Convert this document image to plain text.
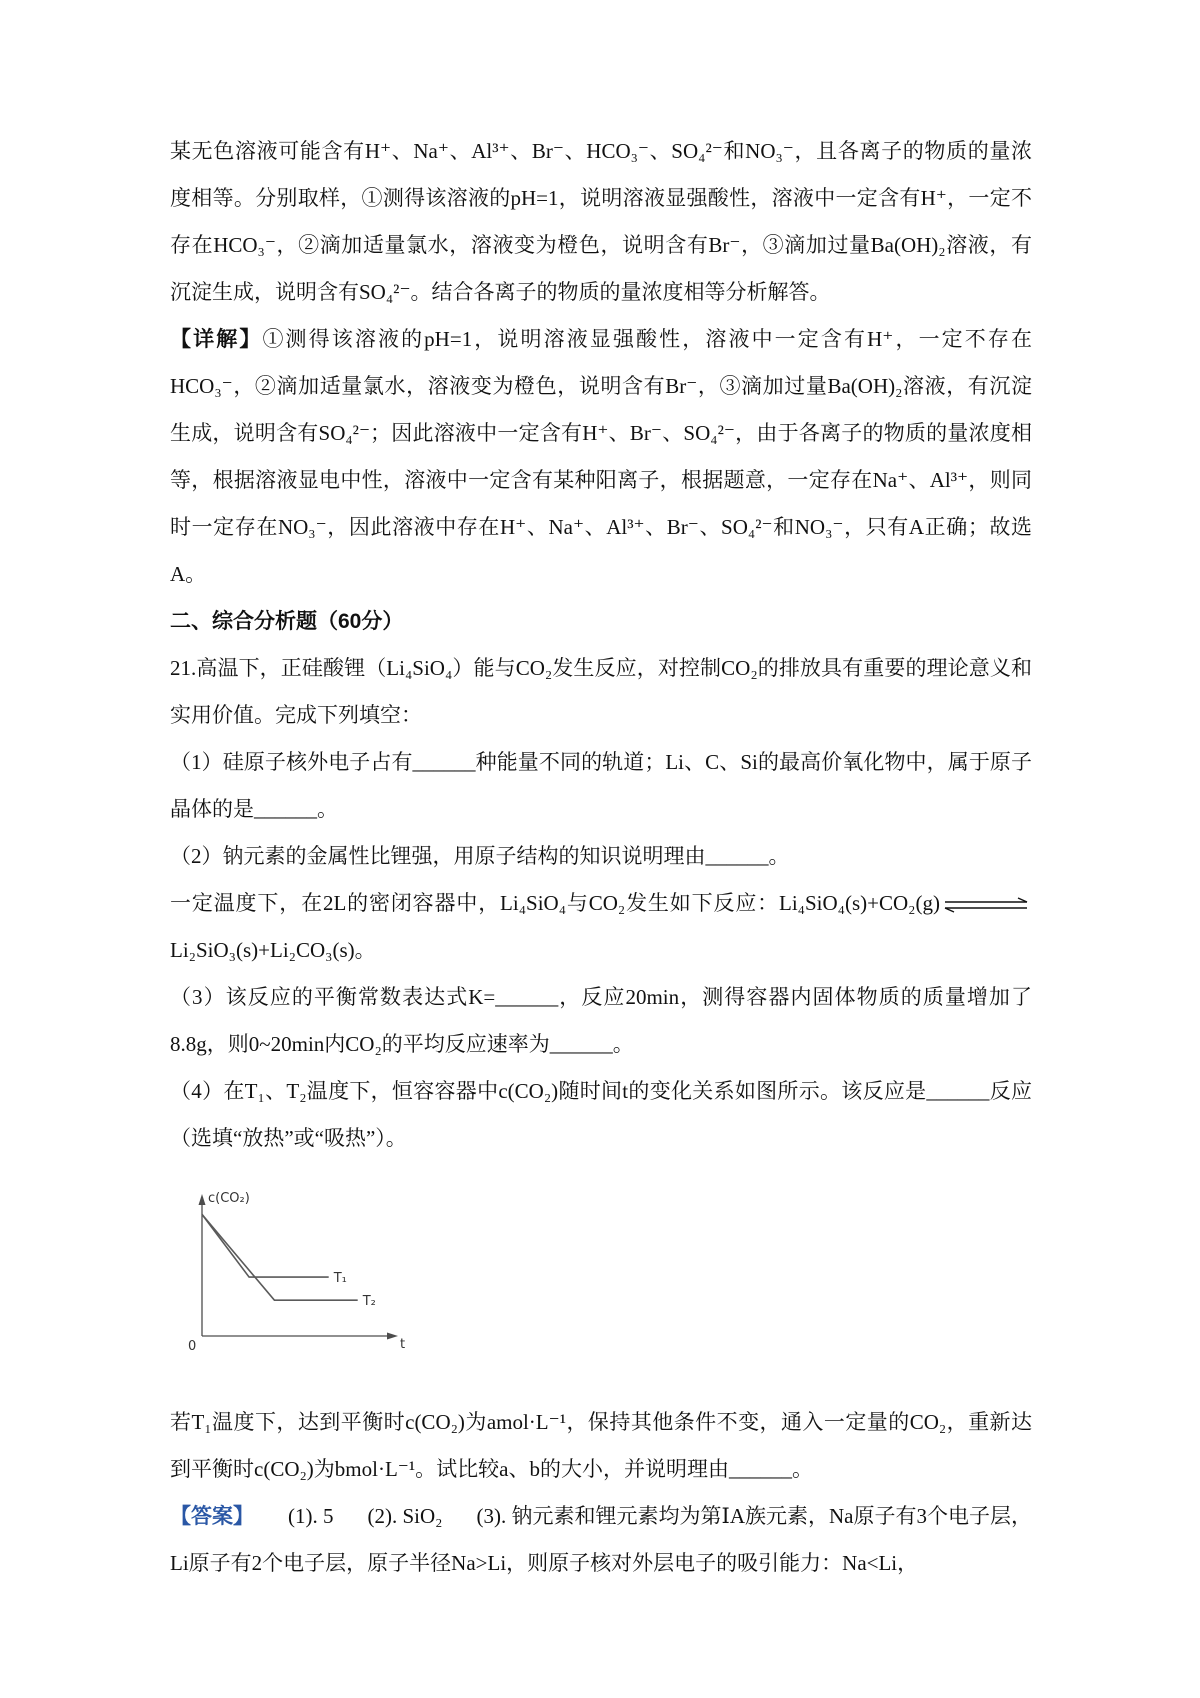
某无色溶液可能含有H⁺、Na⁺、Al³⁺、Br⁻、HCO₃⁻、SO₄²⁻和NO₃⁻，且各离子的物质的量浓度相等。分别取样，①测得该溶液的pH=1，说明溶液显强酸性，溶液中一定含有H⁺，一定不存在HCO₃⁻，②滴加适量氯水，溶液变为橙色，说明含有Br⁻，③滴加过量Ba(OH)₂溶液，有沉淀生成，说明含有SO₄²⁻。结合各离子的物质的量浓度相等分析解答。

【详解】①测得该溶液的pH=1，说明溶液显强酸性，溶液中一定含有H⁺，一定不存在HCO₃⁻，②滴加适量氯水，溶液变为橙色，说明含有Br⁻，③滴加过量Ba(OH)₂溶液，有沉淀生成，说明含有SO₄²⁻；因此溶液中一定含有H⁺、Br⁻、SO₄²⁻，由于各离子的物质的量浓度相等，根据溶液显电中性，溶液中一定含有某种阳离子，根据题意，一定存在Na⁺、Al³⁺，则同时一定存在NO₃⁻，因此溶液中存在H⁺、Na⁺、Al³⁺、Br⁻、SO₄²⁻和NO₃⁻，只有A正确；故选A。

二、综合分析题（60分）

21.高温下，正硅酸锂（Li₄SiO₄）能与CO₂发生反应，对控制CO₂的排放具有重要的理论意义和实用价值。完成下列填空：

（1）硅原子核外电子占有______种能量不同的轨道；Li、C、Si的最高价氧化物中，属于原子晶体的是______。

（2）钠元素的金属性比锂强，用原子结构的知识说明理由______。

一定温度下，在2L的密闭容器中，Li₄SiO₄与CO₂发生如下反应：Li₄SiO₄(s)+CO₂(g)Li₂SiO₃(s)+Li₂CO₃(s)。

（3）该反应的平衡常数表达式K=______，反应20min，测得容器内固体物质的质量增加了8.8g，则0~20min内CO₂的平均反应速率为______。

（4）在T₁、T₂温度下，恒容容器中c(CO₂)随时间t的变化关系如图所示。该反应是______反应（选填“放热”或“吸热”）。

c(CO₂)
0	t
T₁
T₂

若T₁温度下，达到平衡时c(CO₂)为amol·L⁻¹，保持其他条件不变，通入一定量的CO₂，重新达到平衡时c(CO₂)为bmol·L⁻¹。试比较a、b的大小，并说明理由______。

【答案】 (1). 5 (2). SiO₂ (3). 钠元素和锂元素均为第ⅠA族元素，Na原子有3个电子层，Li原子有2个电子层，原子半径Na>Li，则原子核对外层电子的吸引能力：Na<Li，
